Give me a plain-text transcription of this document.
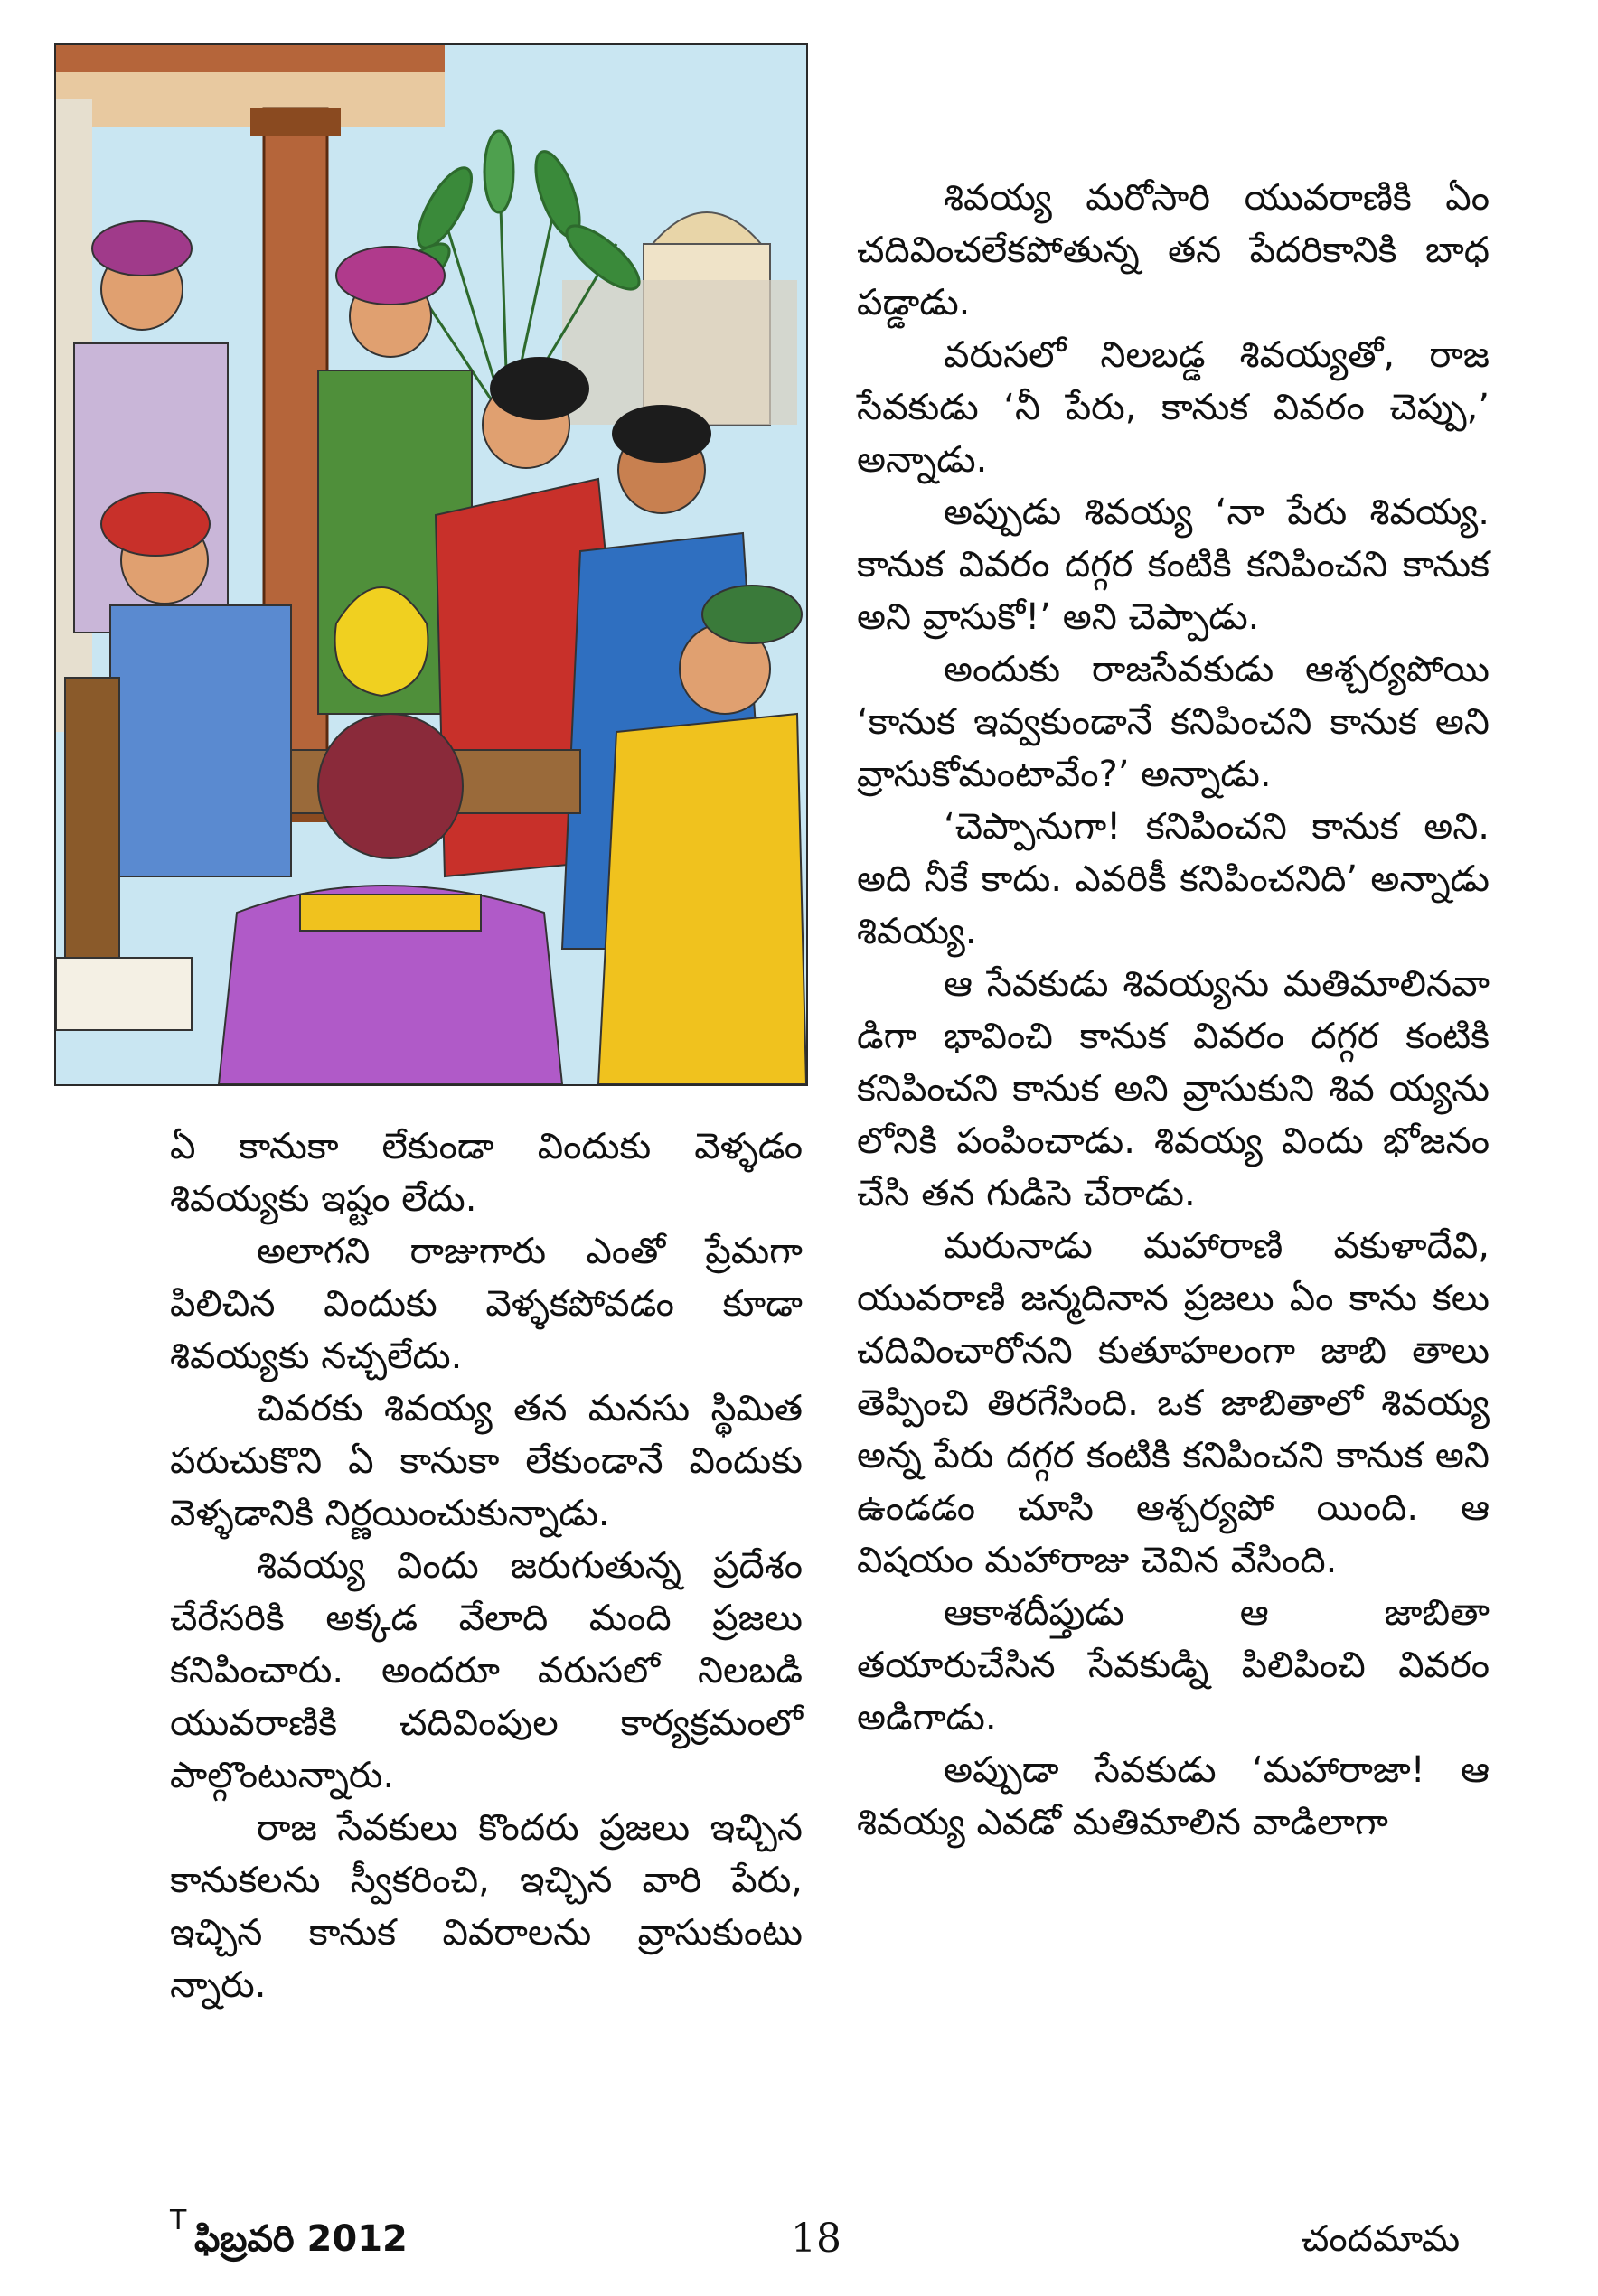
ఏ కానుకా లేకుండా విందుకు వెళ్ళడం శివయ్యకు ఇష్టం లేదు.

అలాగని రాజుగారు ఎంతో ప్రేమగా పిలిచిన విందుకు వెళ్ళకపోవడం కూడా శివయ్యకు నచ్చలేదు.

చివరకు శివయ్య తన మనసు స్థిమిత పరుచుకొని ఏ కానుకా లేకుండానే విందుకు వెళ్ళడానికి నిర్ణయించుకున్నాడు.

శివయ్య విందు జరుగుతున్న ప్రదేశం చేరేసరికి అక్కడ వేలాది మంది ప్రజలు కనిపించారు. అందరూ వరుసలో నిలబడి యువరాణికి చదివింపుల కార్యక్రమంలో పాల్గొంటున్నారు.

రాజ సేవకులు కొందరు ప్రజలు ఇచ్చిన కానుకలను స్వీకరించి, ఇచ్చిన వారి పేరు, ఇచ్చిన కానుక వివరాలను వ్రాసుకుంటు న్నారు.

శివయ్య మరోసారి యువరాణికి ఏం చదివించలేకపోతున్న తన పేదరికానికి బాధ పడ్డాడు.

వరుసలో నిలబడ్డ శివయ్యతో, రాజ సేవకుడు ‘నీ పేరు, కానుక వివరం చెప్పు,’ అన్నాడు.

అప్పుడు శివయ్య ‘నా పేరు శివయ్య. కానుక వివరం దగ్గర కంటికి కనిపించని కానుక అని వ్రాసుకో!’ అని చెప్పాడు.

అందుకు రాజసేవకుడు ఆశ్చర్యపోయి ‘కానుక ఇవ్వకుండానే కనిపించని కానుక అని వ్రాసుకోమంటావేం?’ అన్నాడు.

‘చెప్పానుగా! కనిపించని కానుక అని. అది నీకే కాదు. ఎవరికీ కనిపించనిది’ అన్నాడు శివయ్య.

ఆ సేవకుడు శివయ్యను మతిమాలినవా డిగా భావించి కానుక వివరం దగ్గర కంటికి కనిపించని కానుక అని వ్రాసుకుని శివ య్యను లోనికి పంపించాడు. శివయ్య విందు భోజనం చేసి తన గుడిసె చేరాడు.

మరునాడు మహారాణి వకుళాదేవి, యువరాణి జన్మదినాన ప్రజలు ఏం కాను కలు చదివించారోనని కుతూహలంగా జాబి తాలు తెప్పించి తిరగేసింది. ఒక జాబితాలో శివయ్య అన్న పేరు దగ్గర కంటికి కనిపించని కానుక అని ఉండడం చూసి ఆశ్చర్యపో యింది. ఆ విషయం మహారాజు చెవిన వేసింది.

ఆకాశదీప్తుడు ఆ జాబితా తయారుచేసిన సేవకుడ్ని పిలిపించి వివరం అడిగాడు.

అప్పుడా సేవకుడు ‘మహారాజా! ఆ శివయ్య ఎవడో మతిమాలిన వాడిలాగా

T ఫిబ్రవరి 2012	18	చందమామ
